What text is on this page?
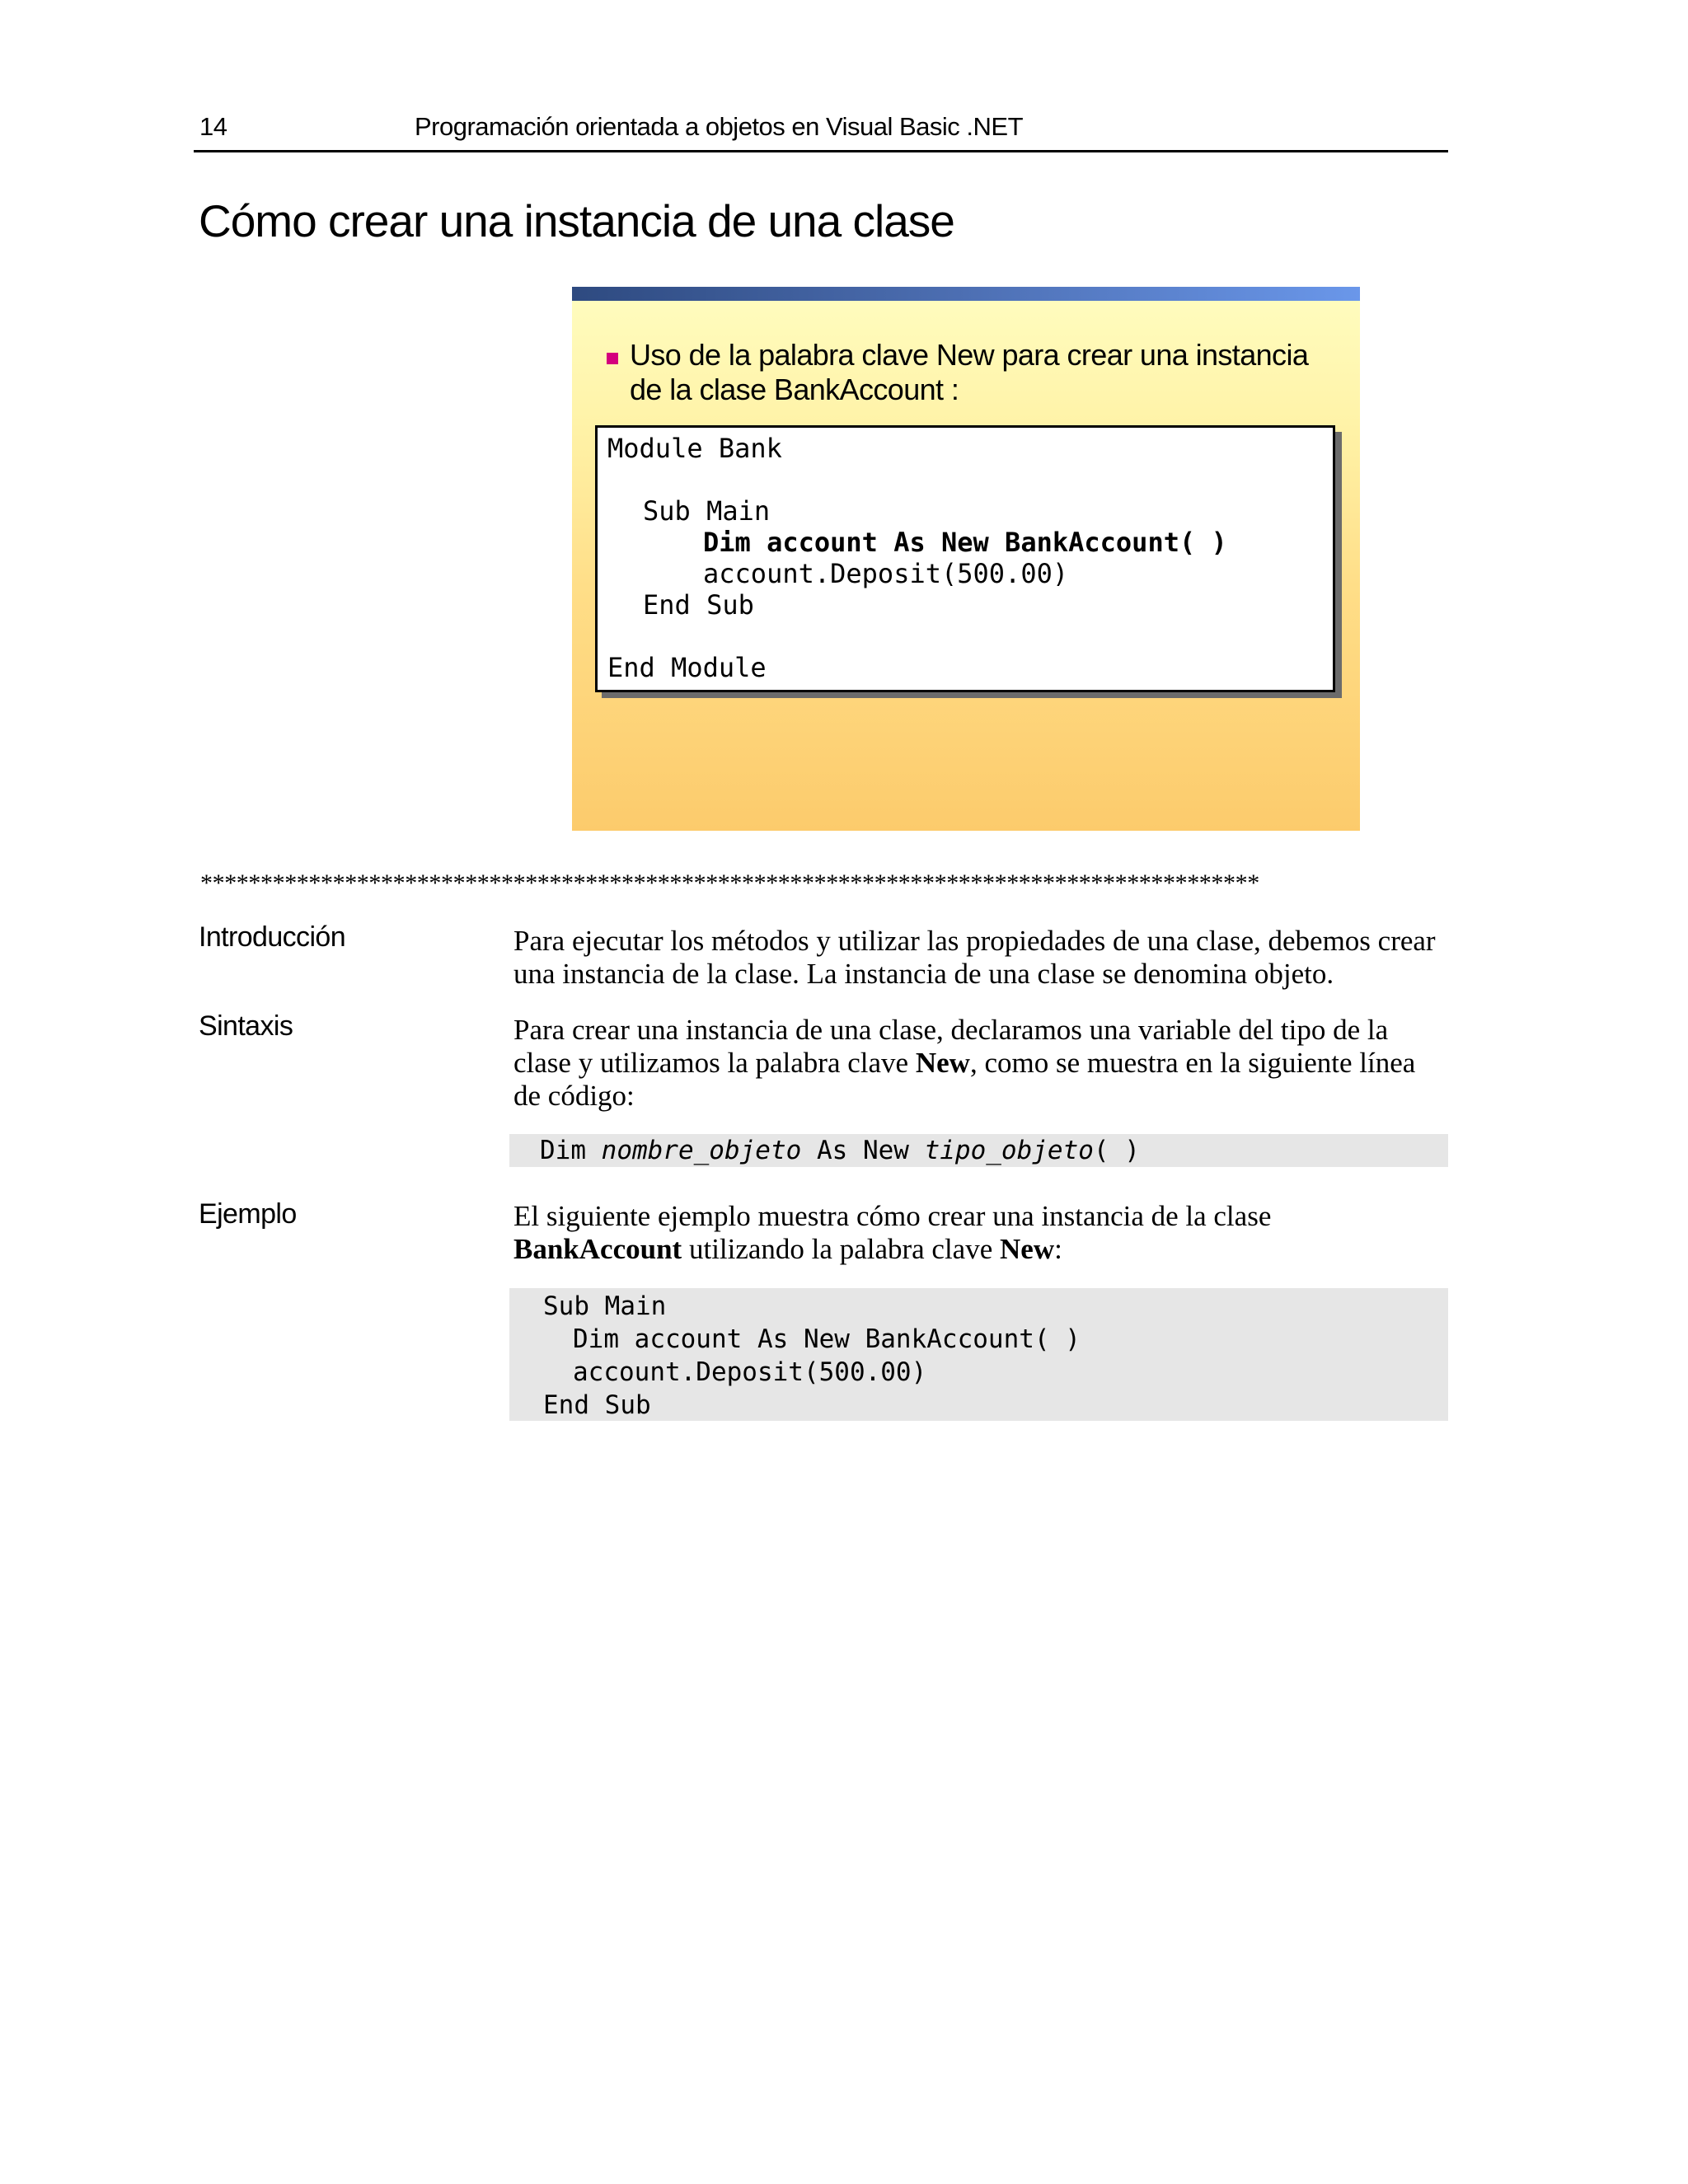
14	Programación orientada a objetos en Visual Basic .NET
Cómo crear una instancia de una clase
Uso de la palabra clave New para crear una instancia de la clase BankAccount :
Module Bank
Sub Main
Dim account As New BankAccount( )
account.Deposit(500.00)
End Sub
End Module
****************************************************************************************
Introducción	Para ejecutar los métodos y utilizar las propiedades de una clase, debemos crear una instancia de la clase. La instancia de una clase se denomina objeto.

Sintaxis	Para crear una instancia de una clase, declaramos una variable del tipo de la clase y utilizamos la palabra clave New, como se muestra en la siguiente línea de código:

Dim nombre_objeto As New tipo_objeto( )
Ejemplo	El siguiente ejemplo muestra cómo crear una instancia de la clase BankAccount utilizando la palabra clave New:

Sub Main
Dim account As New BankAccount( )
account.Deposit(500.00)
End Sub
